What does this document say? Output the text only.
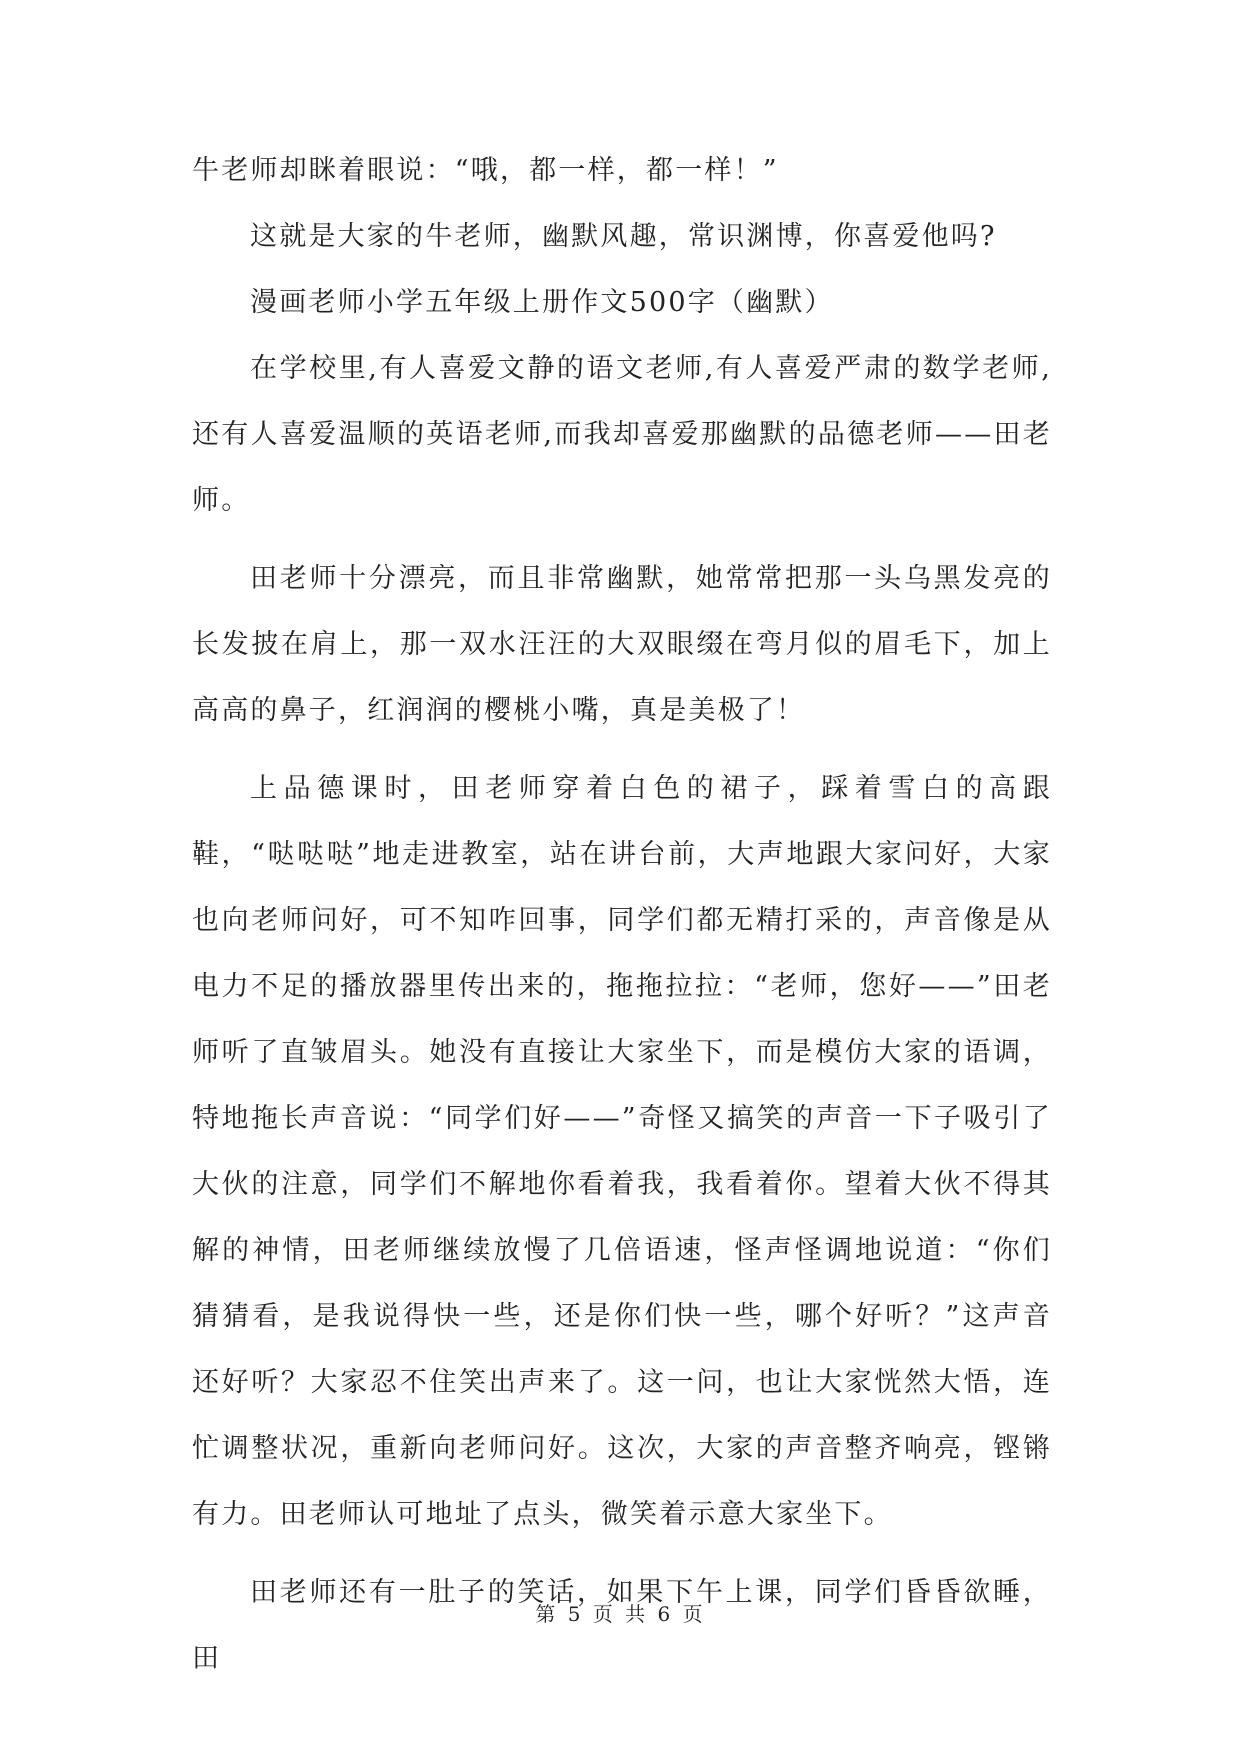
牛老师却眯着眼说：“哦，都一样，都一样！”

这就是大家的牛老师，幽默风趣，常识渊博，你喜爱他吗?

漫画老师小学五年级上册作文500字（幽默）

在学校里,有人喜爱文静的语文老师,有人喜爱严肃的数学老师,还有人喜爱温顺的英语老师,而我却喜爱那幽默的品德老师——田老师。

田老师十分漂亮，而且非常幽默，她常常把那一头乌黑发亮的长发披在肩上，那一双水汪汪的大双眼缀在弯月似的眉毛下，加上高高的鼻子，红润润的樱桃小嘴，真是美极了！

上品德课时，田老师穿着白色的裙子，踩着雪白的高跟鞋，“哒哒哒”地走进教室，站在讲台前，大声地跟大家问好，大家也向老师问好，可不知咋回事，同学们都无精打采的，声音像是从电力不足的播放器里传出来的，拖拖拉拉：“老师，您好——”田老师听了直皱眉头。她没有直接让大家坐下，而是模仿大家的语调，特地拖长声音说：“同学们好——”奇怪又搞笑的声音一下子吸引了大伙的注意，同学们不解地你看着我，我看着你。望着大伙不得其解的神情，田老师继续放慢了几倍语速，怪声怪调地说道：“你们猜猜看，是我说得快一些，还是你们快一些，哪个好听？”这声音还好听？大家忍不住笑出声来了。这一问，也让大家恍然大悟，连忙调整状况，重新向老师问好。这次，大家的声音整齐响亮，铿锵有力。田老师认可地址了点头，微笑着示意大家坐下。

田老师还有一肚子的笑话，如果下午上课，同学们昏昏欲睡，田

第 5 页 共 6 页
